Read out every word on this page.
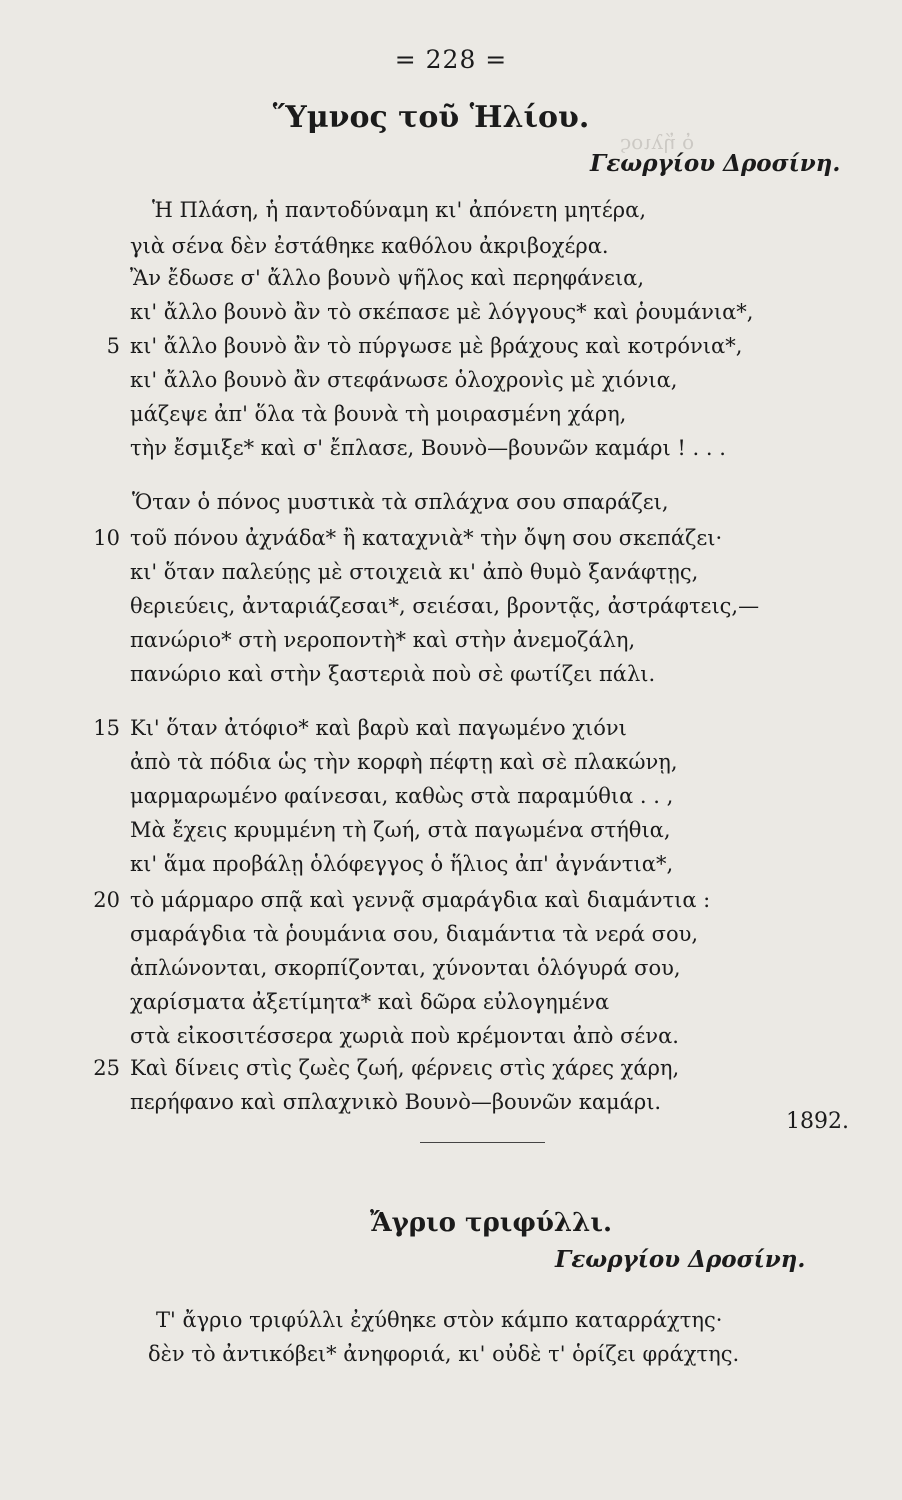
ὁ ἥλιος
= 228 =
Ὕμνος τοῦ Ἡλίου.
Γεωργίου Δροσίνη.
Ἡ Πλάση, ἡ παντοδύναμη κι' ἀπόνετη μητέρα,
γιὰ σένα δὲν ἐστάθηκε καθόλου ἀκριβοχέρα.
Ἂν ἔδωσε σ' ἄλλο βουνὸ ψῆλος καὶ περηφάνεια,
κι' ἄλλο βουνὸ ἂν τὸ σκέπασε μὲ λόγγους* καὶ ῥουμάνια*,
κι' ἄλλο βουνὸ ἂν τὸ πύργωσε μὲ βράχους καὶ κοτρόνια*,
κι' ἄλλο βουνὸ ἂν στεφάνωσε ὁλοχρονὶς μὲ χιόνια,
μάζεψε ἀπ' ὅλα τὰ βουνὰ τὴ μοιρασμένη χάρη,
τὴν ἔσμιξε* καὶ σ' ἔπλασε, Βουνὸ—βουνῶν καμάρι ! . . .
Ὅταν ὁ πόνος μυστικὰ τὰ σπλάχνα σου σπαράζει,
τοῦ πόνου ἀχνάδα* ἢ καταχνιὰ* τὴν ὄψη σου σκεπάζει·
κι' ὅταν παλεύῃς μὲ στοιχειὰ κι' ἀπὸ θυμὸ ξανάφτῃς,
θεριεύεις, ἀνταριάζεσαι*, σειέσαι, βροντᾷς, ἀστράφτεις,—
πανώριο* στὴ νεροποντὴ* καὶ στὴν ἀνεμοζάλη,
πανώριο καὶ στὴν ξαστεριὰ ποὺ σὲ φωτίζει πάλι.
Κι' ὅταν ἀτόφιο* καὶ βαρὺ καὶ παγωμένο χιόνι
ἀπὸ τὰ πόδια ὡς τὴν κορφὴ πέφτῃ καὶ σὲ πλακώνῃ,
μαρμαρωμένο φαίνεσαι, καθὼς στὰ παραμύθια . . ,
Μὰ ἔχεις κρυμμένη τὴ ζωή, στὰ παγωμένα στήθια,
κι' ἅμα προβάλῃ ὁλόφεγγος ὁ ἥλιος ἀπ' ἀγνάντια*,
τὸ μάρμαρο σπᾷ καὶ γεννᾷ σμαράγδια καὶ διαμάντια :
σμαράγδια τὰ ῥουμάνια σου, διαμάντια τὰ νερά σου,
ἁπλώνονται, σκορπίζονται, χύνονται ὁλόγυρά σου,
χαρίσματα ἀξετίμητα* καὶ δῶρα εὐλογημένα
στὰ εἰκοσιτέσσερα χωριὰ ποὺ κρέμονται ἀπὸ σένα.
Καὶ δίνεις στὶς ζωὲς ζωή, φέρνεις στὶς χάρες χάρη,
περήφανο καὶ σπλαχνικὸ Βουνὸ—βουνῶν καμάρι.
5
10
15
20
25
1892.
Ἄγριο τριφύλλι.
Γεωργίου Δροσίνη.
Τ' ἄγριο τριφύλλι ἐχύθηκε στὸν κάμπο καταρράχτης·
δὲν τὸ ἀντικόβει* ἀνηφοριά, κι' οὐδὲ τ' ὁρίζει φράχτης.
